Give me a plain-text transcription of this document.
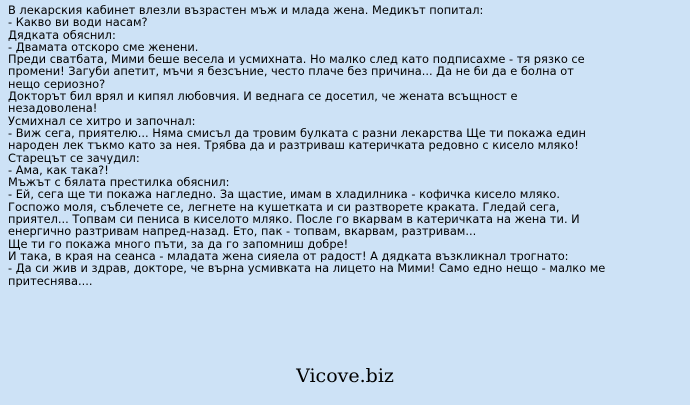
В лекарския кабинет влезли възрастен мъж и млада жена. Медикът попитал:
- Какво ви води насам?
Дядката обяснил:
- Двамата отскоро сме женени.
Преди сватбата, Мими беше весела и усмихната. Но малко след като подписахме - тя рязко се
промени! Загуби апетит, мъчи я безсъние, често плаче без причина... Да не би да е болна от
нещо сериозно?
Докторът бил врял и кипял любовчия. И веднага се досетил, че жената всъщност е
незадоволена!
Усмихнал се хитро и започнал:
- Виж сега, приятелю... Няма смисъл да тровим булката с разни лекарства Ще ти покажа един
народен лек тъкмо като за нея. Трябва да и разтриваш катеричката редовно с кисело мляко!
Старецът се зачудил:
- Ама, как така?!
Мъжът с бялата престилка обяснил:
- Ей, сега ще ти покажа нагледно. За щастие, имам в хладилника - кофичка кисело мляко.
Госпожо моля, съблечете се, легнете на кушетката и си разтворете краката. Гледай сега,
приятел... Топвам си пениса в киселото мляко. После го вкарвам в катеричката на жена ти. И
енергично разтривам напред-назад. Ето, пак - топвам, вкарвам, разтривам...
Ще ти го покажа много пъти, за да го запомниш добре!
И така, в края на сеанса - младата жена сияела от радост! А дядката възкликнал трогнато:
- Да си жив и здрав, докторе, че върна усмивката на лицето на Мими! Само едно нещо - малко ме
притеснява....
Vicove.biz
